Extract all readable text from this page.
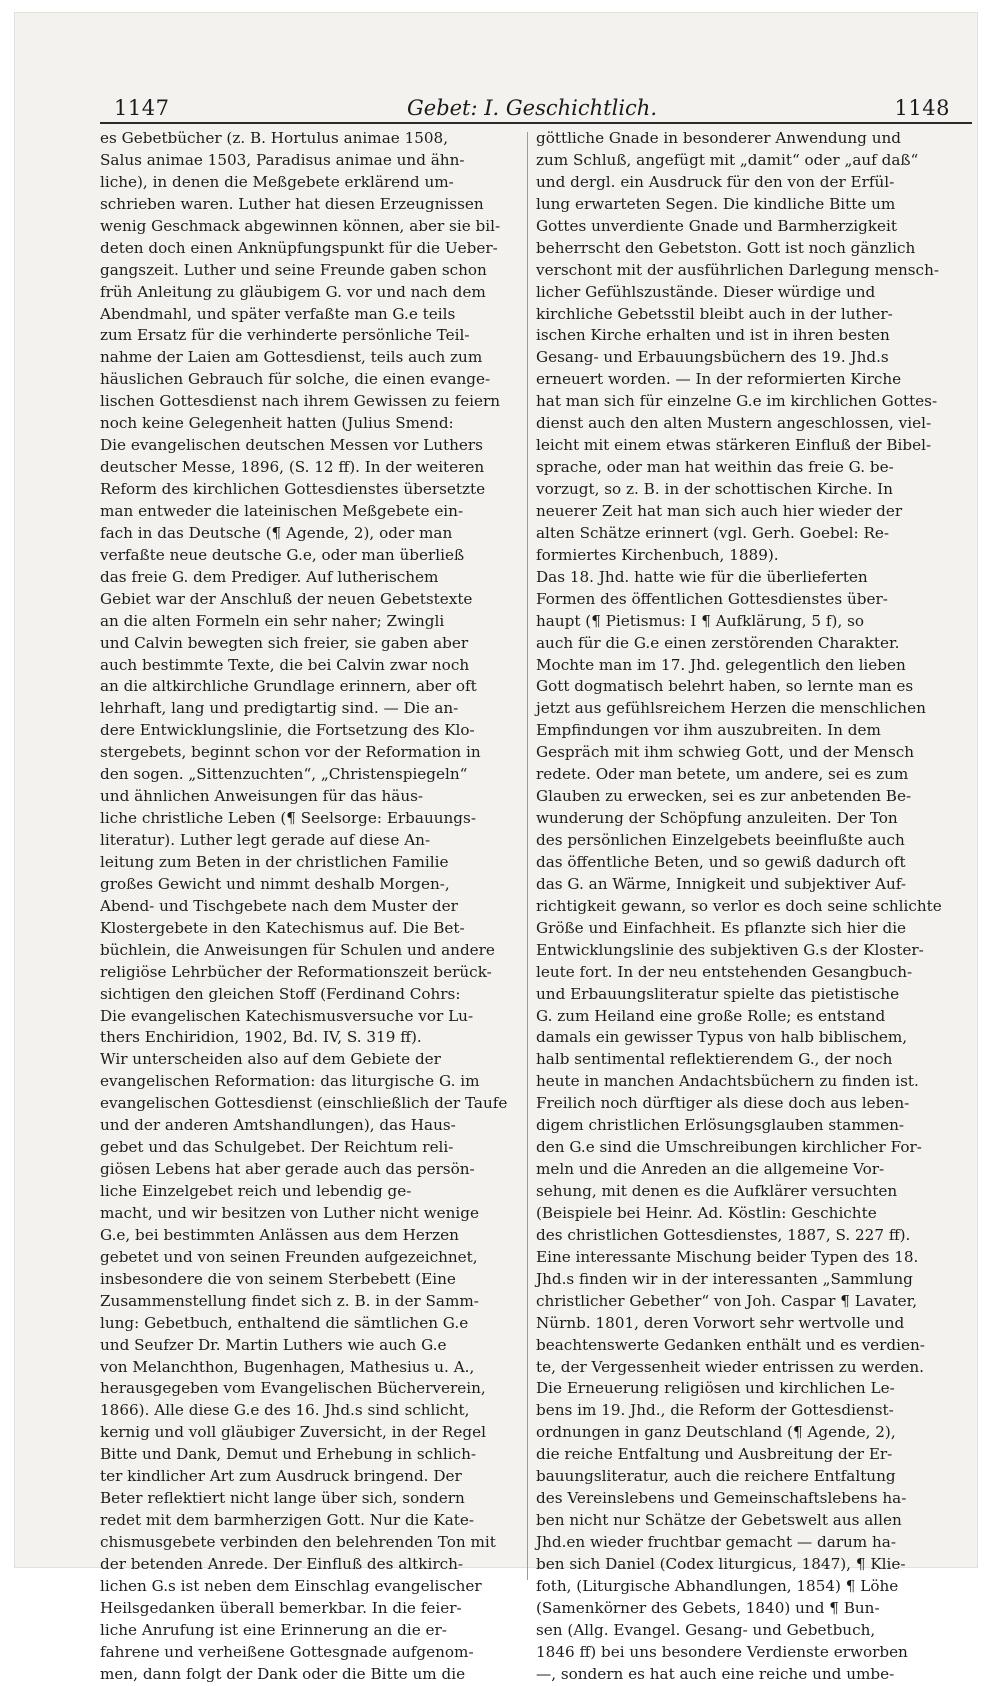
1147	Gebet: I. Geschichtlich.	1148
es Gebetbücher (z. B. Hortulus animae 1508,
Salus animae 1503, Paradisus animae und ähn-
liche), in denen die Meßgebete erklärend um-
schrieben waren. Luther hat diesen Erzeugnissen
wenig Geschmack abgewinnen können, aber sie bil-
deten doch einen Anknüpfungspunkt für die Ueber-
gangszeit. Luther und seine Freunde gaben schon
früh Anleitung zu gläubigem G. vor und nach dem
Abendmahl, und später verfaßte man G.e teils
zum Ersatz für die verhinderte persönliche Teil-
nahme der Laien am Gottesdienst, teils auch zum
häuslichen Gebrauch für solche, die einen evange-
lischen Gottesdienst nach ihrem Gewissen zu feiern
noch keine Gelegenheit hatten (Julius Smend:
Die evangelischen deutschen Messen vor Luthers
deutscher Messe, 1896, (S. 12 ff). In der weiteren
Reform des kirchlichen Gottesdienstes übersetzte
man entweder die lateinischen Meßgebete ein-
fach in das Deutsche (¶ Agende, 2), oder man
verfaßte neue deutsche G.e, oder man überließ
das freie G. dem Prediger. Auf lutherischem
Gebiet war der Anschluß der neuen Gebetstexte
an die alten Formeln ein sehr naher; Zwingli
und Calvin bewegten sich freier, sie gaben aber
auch bestimmte Texte, die bei Calvin zwar noch
an die altkirchliche Grundlage erinnern, aber oft
lehrhaft, lang und predigtartig sind. — Die an-
dere Entwicklungslinie, die Fortsetzung des Klo-
stergebets, beginnt schon vor der Reformation in
den sogen. „Sittenzuchten“, „Christenspiegeln“
und ähnlichen Anweisungen für das häus-
liche christliche Leben (¶ Seelsorge: Erbauungs-
literatur). Luther legt gerade auf diese An-
leitung zum Beten in der christlichen Familie
großes Gewicht und nimmt deshalb Morgen-,
Abend- und Tischgebete nach dem Muster der
Klostergebete in den Katechismus auf. Die Bet-
büchlein, die Anweisungen für Schulen und andere
religiöse Lehrbücher der Reformationszeit berück-
sichtigen den gleichen Stoff (Ferdinand Cohrs:
Die evangelischen Katechismusversuche vor Lu-
thers Enchiridion, 1902, Bd. IV, S. 319 ff).
Wir unterscheiden also auf dem Gebiete der
evangelischen Reformation: das liturgische G. im
evangelischen Gottesdienst (einschließlich der Taufe
und der anderen Amtshandlungen), das Haus-
gebet und das Schulgebet. Der Reichtum reli-
giösen Lebens hat aber gerade auch das persön-
liche Einzelgebet reich und lebendig ge-
macht, und wir besitzen von Luther nicht wenige
G.e, bei bestimmten Anlässen aus dem Herzen
gebetet und von seinen Freunden aufgezeichnet,
insbesondere die von seinem Sterbebett (Eine
Zusammenstellung findet sich z. B. in der Samm-
lung: Gebetbuch, enthaltend die sämtlichen G.e
und Seufzer Dr. Martin Luthers wie auch G.e
von Melanchthon, Bugenhagen, Mathesius u. A.,
herausgegeben vom Evangelischen Bücherverein,
1866). Alle diese G.e des 16. Jhd.s sind schlicht,
kernig und voll gläubiger Zuversicht, in der Regel
Bitte und Dank, Demut und Erhebung in schlich-
ter kindlicher Art zum Ausdruck bringend. Der
Beter reflektiert nicht lange über sich, sondern
redet mit dem barmherzigen Gott. Nur die Kate-
chismusgebete verbinden den belehrenden Ton mit
der betenden Anrede. Der Einfluß des altkirch-
lichen G.s ist neben dem Einschlag evangelischer
Heilsgedanken überall bemerkbar. In die feier-
liche Anrufung ist eine Erinnerung an die er-
fahrene und verheißene Gottesgnade aufgenom-
men, dann folgt der Dank oder die Bitte um die
göttliche Gnade in besonderer Anwendung und
zum Schluß, angefügt mit „damit“ oder „auf daß“
und dergl. ein Ausdruck für den von der Erfül-
lung erwarteten Segen. Die kindliche Bitte um
Gottes unverdiente Gnade und Barmherzigkeit
beherrscht den Gebetston. Gott ist noch gänzlich
verschont mit der ausführlichen Darlegung mensch-
licher Gefühlszustände. Dieser würdige und
kirchliche Gebetsstil bleibt auch in der luther-
ischen Kirche erhalten und ist in ihren besten
Gesang- und Erbauungsbüchern des 19. Jhd.s
erneuert worden. — In der reformierten Kirche
hat man sich für einzelne G.e im kirchlichen Gottes-
dienst auch den alten Mustern angeschlossen, viel-
leicht mit einem etwas stärkeren Einfluß der Bibel-
sprache, oder man hat weithin das freie G. be-
vorzugt, so z. B. in der schottischen Kirche. In
neuerer Zeit hat man sich auch hier wieder der
alten Schätze erinnert (vgl. Gerh. Goebel: Re-
formiertes Kirchenbuch, 1889).
Das 18. Jhd. hatte wie für die überlieferten
Formen des öffentlichen Gottesdienstes über-
haupt (¶ Pietismus: I ¶ Aufklärung, 5 f), so
auch für die G.e einen zerstörenden Charakter.
Mochte man im 17. Jhd. gelegentlich den lieben
Gott dogmatisch belehrt haben, so lernte man es
jetzt aus gefühlsreichem Herzen die menschlichen
Empfindungen vor ihm auszubreiten. In dem
Gespräch mit ihm schwieg Gott, und der Mensch
redete. Oder man betete, um andere, sei es zum
Glauben zu erwecken, sei es zur anbetenden Be-
wunderung der Schöpfung anzuleiten. Der Ton
des persönlichen Einzelgebets beeinflußte auch
das öffentliche Beten, und so gewiß dadurch oft
das G. an Wärme, Innigkeit und subjektiver Auf-
richtigkeit gewann, so verlor es doch seine schlichte
Größe und Einfachheit. Es pflanzte sich hier die
Entwicklungslinie des subjektiven G.s der Kloster-
leute fort. In der neu entstehenden Gesangbuch-
und Erbauungsliteratur spielte das pietistische
G. zum Heiland eine große Rolle; es entstand
damals ein gewisser Typus von halb biblischem,
halb sentimental reflektierendem G., der noch
heute in manchen Andachtsbüchern zu finden ist.
Freilich noch dürftiger als diese doch aus leben-
digem christlichen Erlösungsglauben stammen-
den G.e sind die Umschreibungen kirchlicher For-
meln und die Anreden an die allgemeine Vor-
sehung, mit denen es die Aufklärer versuchten
(Beispiele bei Heinr. Ad. Köstlin: Geschichte
des christlichen Gottesdienstes, 1887, S. 227 ff).
Eine interessante Mischung beider Typen des 18.
Jhd.s finden wir in der interessanten „Sammlung
christlicher Gebether“ von Joh. Caspar ¶ Lavater,
Nürnb. 1801, deren Vorwort sehr wertvolle und
beachtenswerte Gedanken enthält und es verdien-
te, der Vergessenheit wieder entrissen zu werden.
Die Erneuerung religiösen und kirchlichen Le-
bens im 19. Jhd., die Reform der Gottesdienst-
ordnungen in ganz Deutschland (¶ Agende, 2),
die reiche Entfaltung und Ausbreitung der Er-
bauungsliteratur, auch die reichere Entfaltung
des Vereinslebens und Gemeinschaftslebens ha-
ben nicht nur Schätze der Gebetswelt aus allen
Jhd.en wieder fruchtbar gemacht — darum ha-
ben sich Daniel (Codex liturgicus, 1847), ¶ Klie-
foth, (Liturgische Abhandlungen, 1854) ¶ Löhe
(Samenkörner des Gebets, 1840) und ¶ Bun-
sen (Allg. Evangel. Gesang- und Gebetbuch,
1846 ff) bei uns besondere Verdienste erworben
—, sondern es hat auch eine reiche und umbe-
